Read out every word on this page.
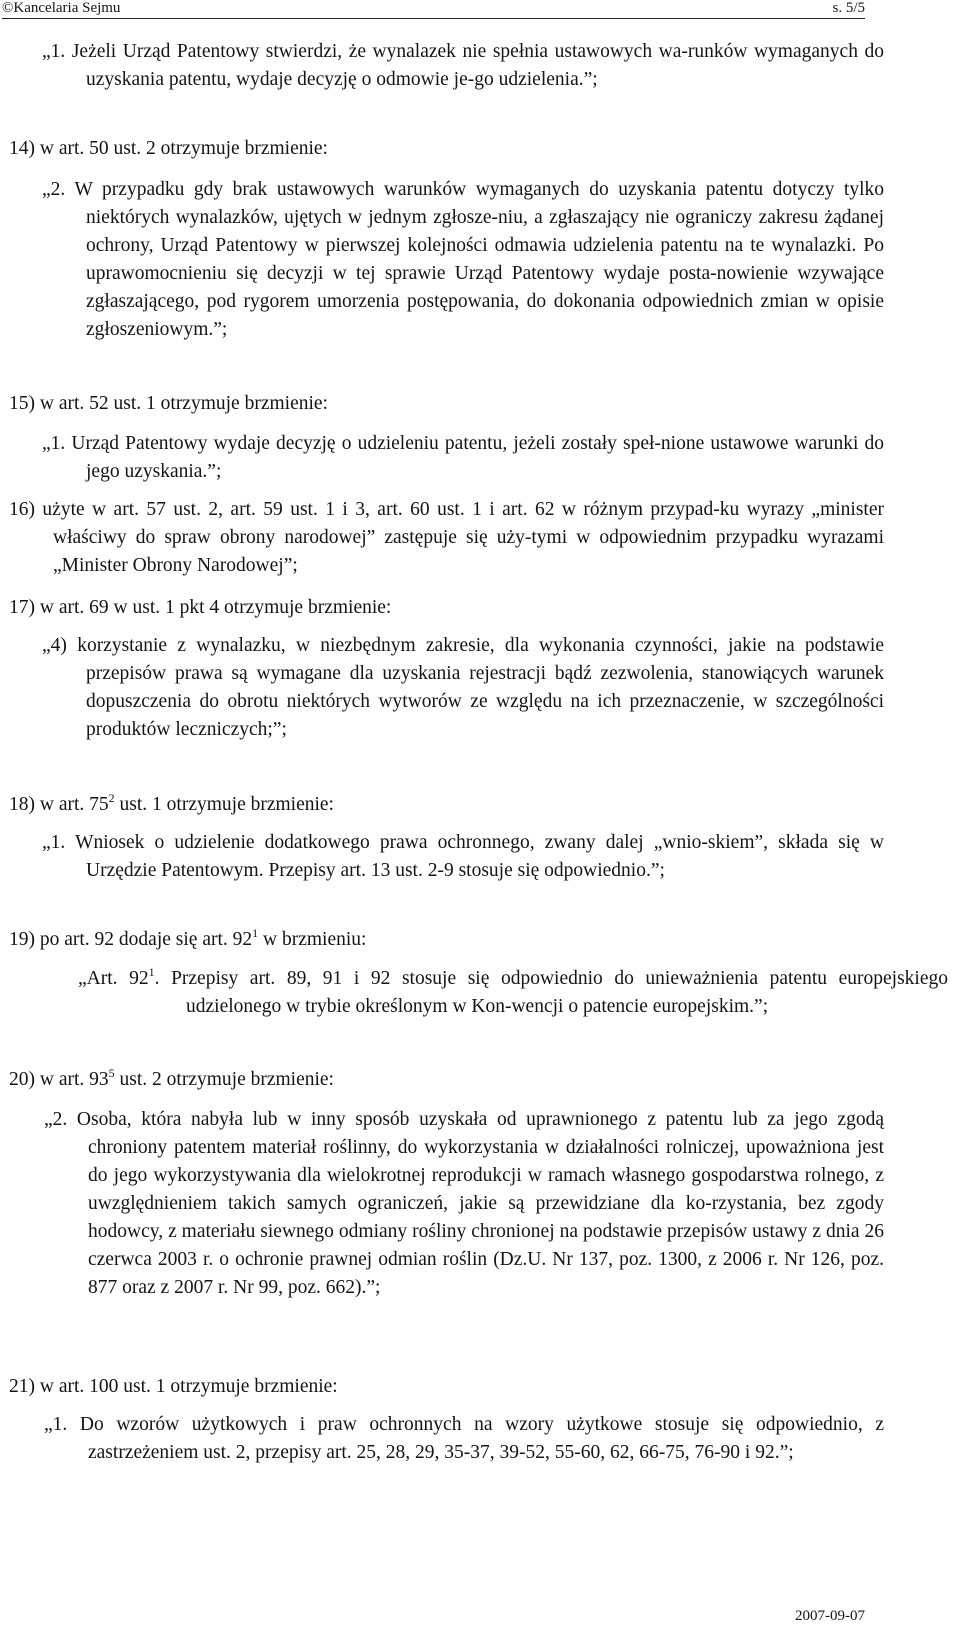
©Kancelaria Sejmu	s. 5/5

„1. Jeżeli Urząd Patentowy stwierdzi, że wynalazek nie spełnia ustawowych wa-runków wymaganych do uzyskania patentu, wydaje decyzję o odmowie je-go udzielenia.”;

14) w art. 50 ust. 2 otrzymuje brzmienie:

„2. W przypadku gdy brak ustawowych warunków wymaganych do uzyskania patentu dotyczy tylko niektórych wynalazków, ujętych w jednym zgłosze-niu, a zgłaszający nie ograniczy zakresu żądanej ochrony, Urząd Patentowy w pierwszej kolejności odmawia udzielenia patentu na te wynalazki. Po uprawomocnieniu się decyzji w tej sprawie Urząd Patentowy wydaje posta-nowienie wzywające zgłaszającego, pod rygorem umorzenia postępowania, do dokonania odpowiednich zmian w opisie zgłoszeniowym.”;

15) w art. 52 ust. 1 otrzymuje brzmienie:

„1. Urząd Patentowy wydaje decyzję o udzieleniu patentu, jeżeli zostały speł-nione ustawowe warunki do jego uzyskania.”;

16) użyte w art. 57 ust. 2, art. 59 ust. 1 i 3, art. 60 ust. 1 i art. 62 w różnym przypad-ku wyrazy „minister właściwy do spraw obrony narodowej” zastępuje się uży-tymi w odpowiednim przypadku wyrazami „Minister Obrony Narodowej”;

17) w art. 69 w ust. 1 pkt 4 otrzymuje brzmienie:

„4) korzystanie z wynalazku, w niezbędnym zakresie, dla wykonania czynności, jakie na podstawie przepisów prawa są wymagane dla uzyskania rejestracji bądź zezwolenia, stanowiących warunek dopuszczenia do obrotu niektórych wytworów ze względu na ich przeznaczenie, w szczególności produktów leczniczych;”;

18) w art. $75^2$ ust. 1 otrzymuje brzmienie:

„1. Wniosek o udzielenie dodatkowego prawa ochronnego, zwany dalej „wnio-skiem”, składa się w Urzędzie Patentowym. Przepisy art. 13 ust. 2-9 stosuje się odpowiednio.”;

19) po art. 92 dodaje się art. $92^1$ w brzmieniu:

„Art. $92^1$. Przepisy art. 89, 91 i 92 stosuje się odpowiednio do unieważnienia patentu europejskiego udzielonego w trybie określonym w Kon-wencji o patencie europejskim.”;

20) w art. $93^5$ ust. 2 otrzymuje brzmienie:

„2. Osoba, która nabyła lub w inny sposób uzyskała od uprawnionego z patentu lub za jego zgodą chroniony patentem materiał roślinny, do wykorzystania w działalności rolniczej, upoważniona jest do jego wykorzystywania dla wielokrotnej reprodukcji w ramach własnego gospodarstwa rolnego, z uwzględnieniem takich samych ograniczeń, jakie są przewidziane dla ko-rzystania, bez zgody hodowcy, z materiału siewnego odmiany rośliny chronionej na podstawie przepisów ustawy z dnia 26 czerwca 2003 r. o ochronie prawnej odmian roślin (Dz.U. Nr 137, poz. 1300, z 2006 r. Nr 126, poz. 877 oraz z 2007 r. Nr 99, poz. 662).”;

21) w art. 100 ust. 1 otrzymuje brzmienie:

„1. Do wzorów użytkowych i praw ochronnych na wzory użytkowe stosuje się odpowiednio, z zastrzeżeniem ust. 2, przepisy art. 25, 28, 29, 35-37, 39-52, 55-60, 62, 66-75, 76-90 i 92.”;

2007-09-07
